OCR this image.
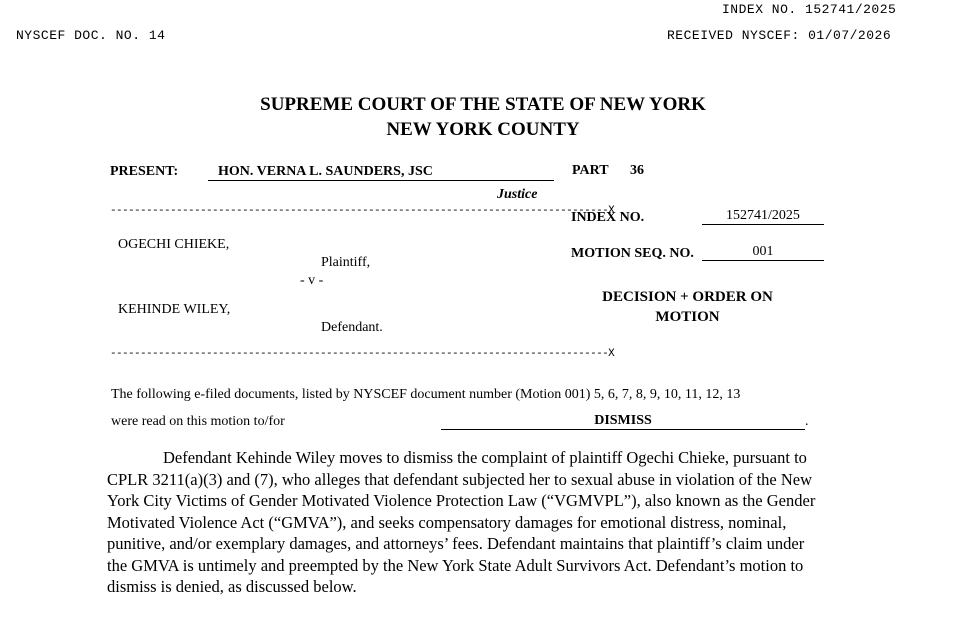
INDEX NO. 152741/2025
NYSCEF DOC. NO. 14	RECEIVED NYSCEF: 01/07/2026
SUPREME COURT OF THE STATE OF NEW YORK
NEW YORK COUNTY
PRESENT:	HON. VERNA L. SAUNDERS, JSC	PART 36
Justice
-----------------------------------------------------------------------------------X
OGECHI CHIEKE,
Plaintiff,
- v -
KEHINDE WILEY,
Defendant.
-----------------------------------------------------------------------------------X
INDEX NO.	152741/2025
MOTION SEQ. NO.	001
DECISION + ORDER ON
MOTION
The following e-filed documents, listed by NYSCEF document number (Motion 001) 5, 6, 7, 8, 9, 10, 11, 12, 13
were read on this motion to/for	DISMISS	.
Defendant Kehinde Wiley moves to dismiss the complaint of plaintiff Ogechi Chieke, pursuant to CPLR 3211(a)(3) and (7), who alleges that defendant subjected her to sexual abuse in violation of the New York City Victims of Gender Motivated Violence Protection Law (“VGMVPL”), also known as the Gender Motivated Violence Act (“GMVA”), and seeks compensatory damages for emotional distress, nominal, punitive, and/or exemplary damages, and attorneys’ fees. Defendant maintains that plaintiff’s claim under the GMVA is untimely and preempted by the New York State Adult Survivors Act. Defendant’s motion to dismiss is denied, as discussed below.
